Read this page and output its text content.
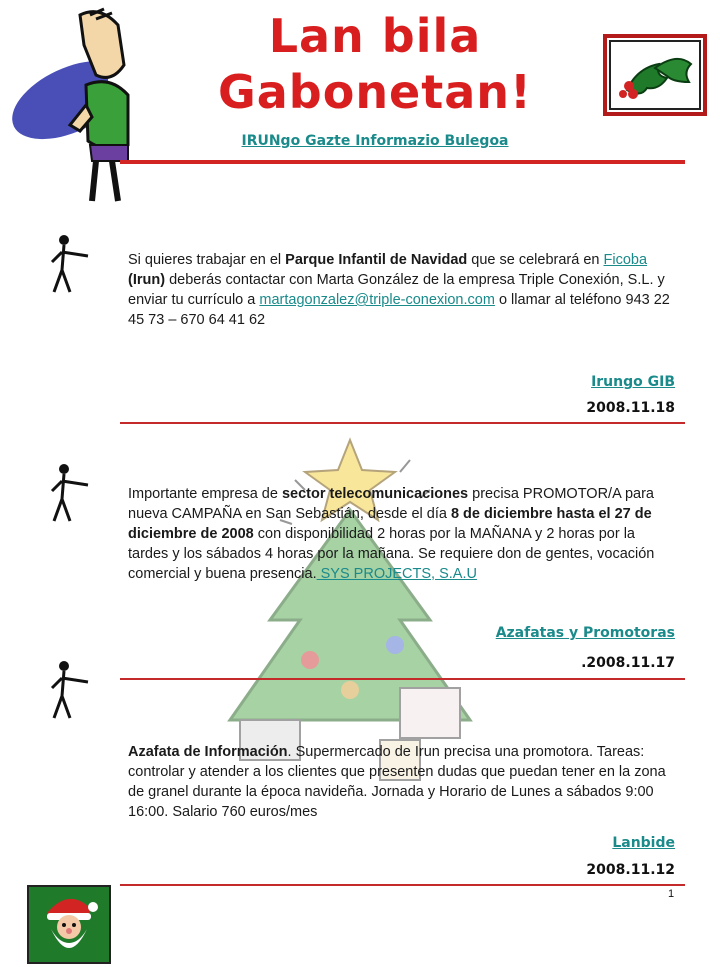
Lan bila
Gabonetan!
IRUNgo Gazte Informazio Bulegoa
Si quieres trabajar en el Parque Infantil de Navidad que se celebrará en Ficoba (Irun) deberás contactar con Marta González de la empresa Triple Conexión, S.L. y enviar tu currículo a martagonzalez@triple-conexion.com o llamar al teléfono 943 22 45 73 – 670 64 41 62
Irungo GIB
2008.11.18
Importante empresa de sector telecomunicaciones precisa PROMOTOR/A para nueva CAMPAÑA en San Sebastián, desde el día 8 de diciembre hasta el 27 de diciembre de 2008 con disponibilidad 2 horas por la MAÑANA y 2 horas por la tardes y los sábados 4 horas por la mañana. Se requiere don de gentes, vocación comercial y buena presencia. SYS PROJECTS, S.A.U
Azafatas y Promotoras
.2008.11.17
Azafata de Información. Supermercado de Irun precisa una promotora. Tareas: controlar y atender a los clientes que presenten dudas que puedan tener en la zona de granel durante la época navideña. Jornada y Horario de Lunes a sábados 9:00 16:00. Salario 760 euros/mes
Lanbide
2008.11.12
1
